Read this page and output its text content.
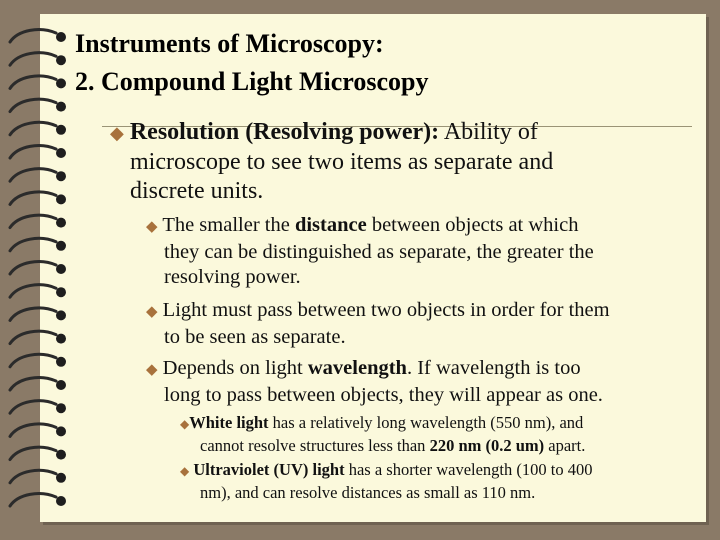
Instruments of Microscopy:
2. Compound Light Microscopy
◆ Resolution (Resolving power): Ability of
microscope to see two items as separate and
discrete units.
◆ The smaller the distance between objects at which
they can be distinguished as separate, the greater the
resolving power.
◆ Light must pass between two objects in order for them
to be seen as separate.
◆ Depends on light wavelength. If wavelength is too
long to pass between objects, they will appear as one.
◆White light has a relatively long wavelength (550 nm), and
cannot resolve structures less than 220 nm (0.2 um) apart.
◆ Ultraviolet (UV) light has a shorter wavelength (100 to 400
nm), and can resolve distances as small as 110 nm.
